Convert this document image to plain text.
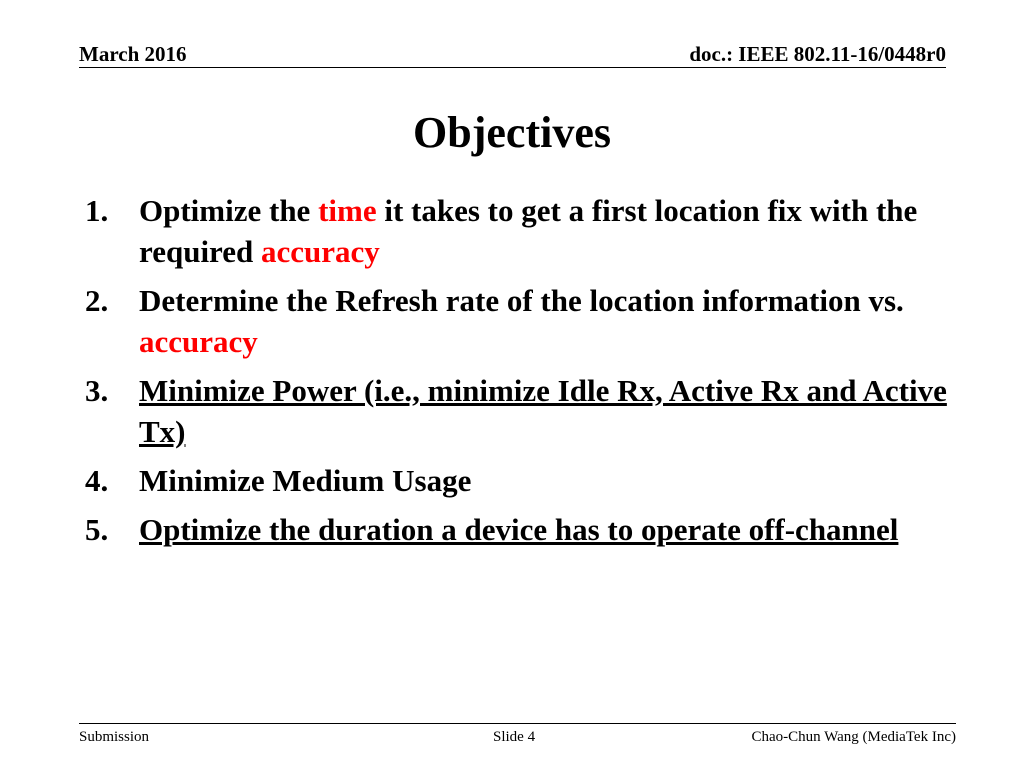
March 2016	doc.: IEEE 802.11-16/0448r0
Objectives
1. Optimize the time it takes to get a first location fix with the required accuracy
2. Determine the Refresh rate of the location information vs. accuracy
3. Minimize Power (i.e., minimize Idle Rx, Active Rx and Active Tx)
4. Minimize Medium Usage
5. Optimize the duration a device has to operate off-channel
Submission	Slide 4	Chao-Chun Wang (MediaTek Inc)
